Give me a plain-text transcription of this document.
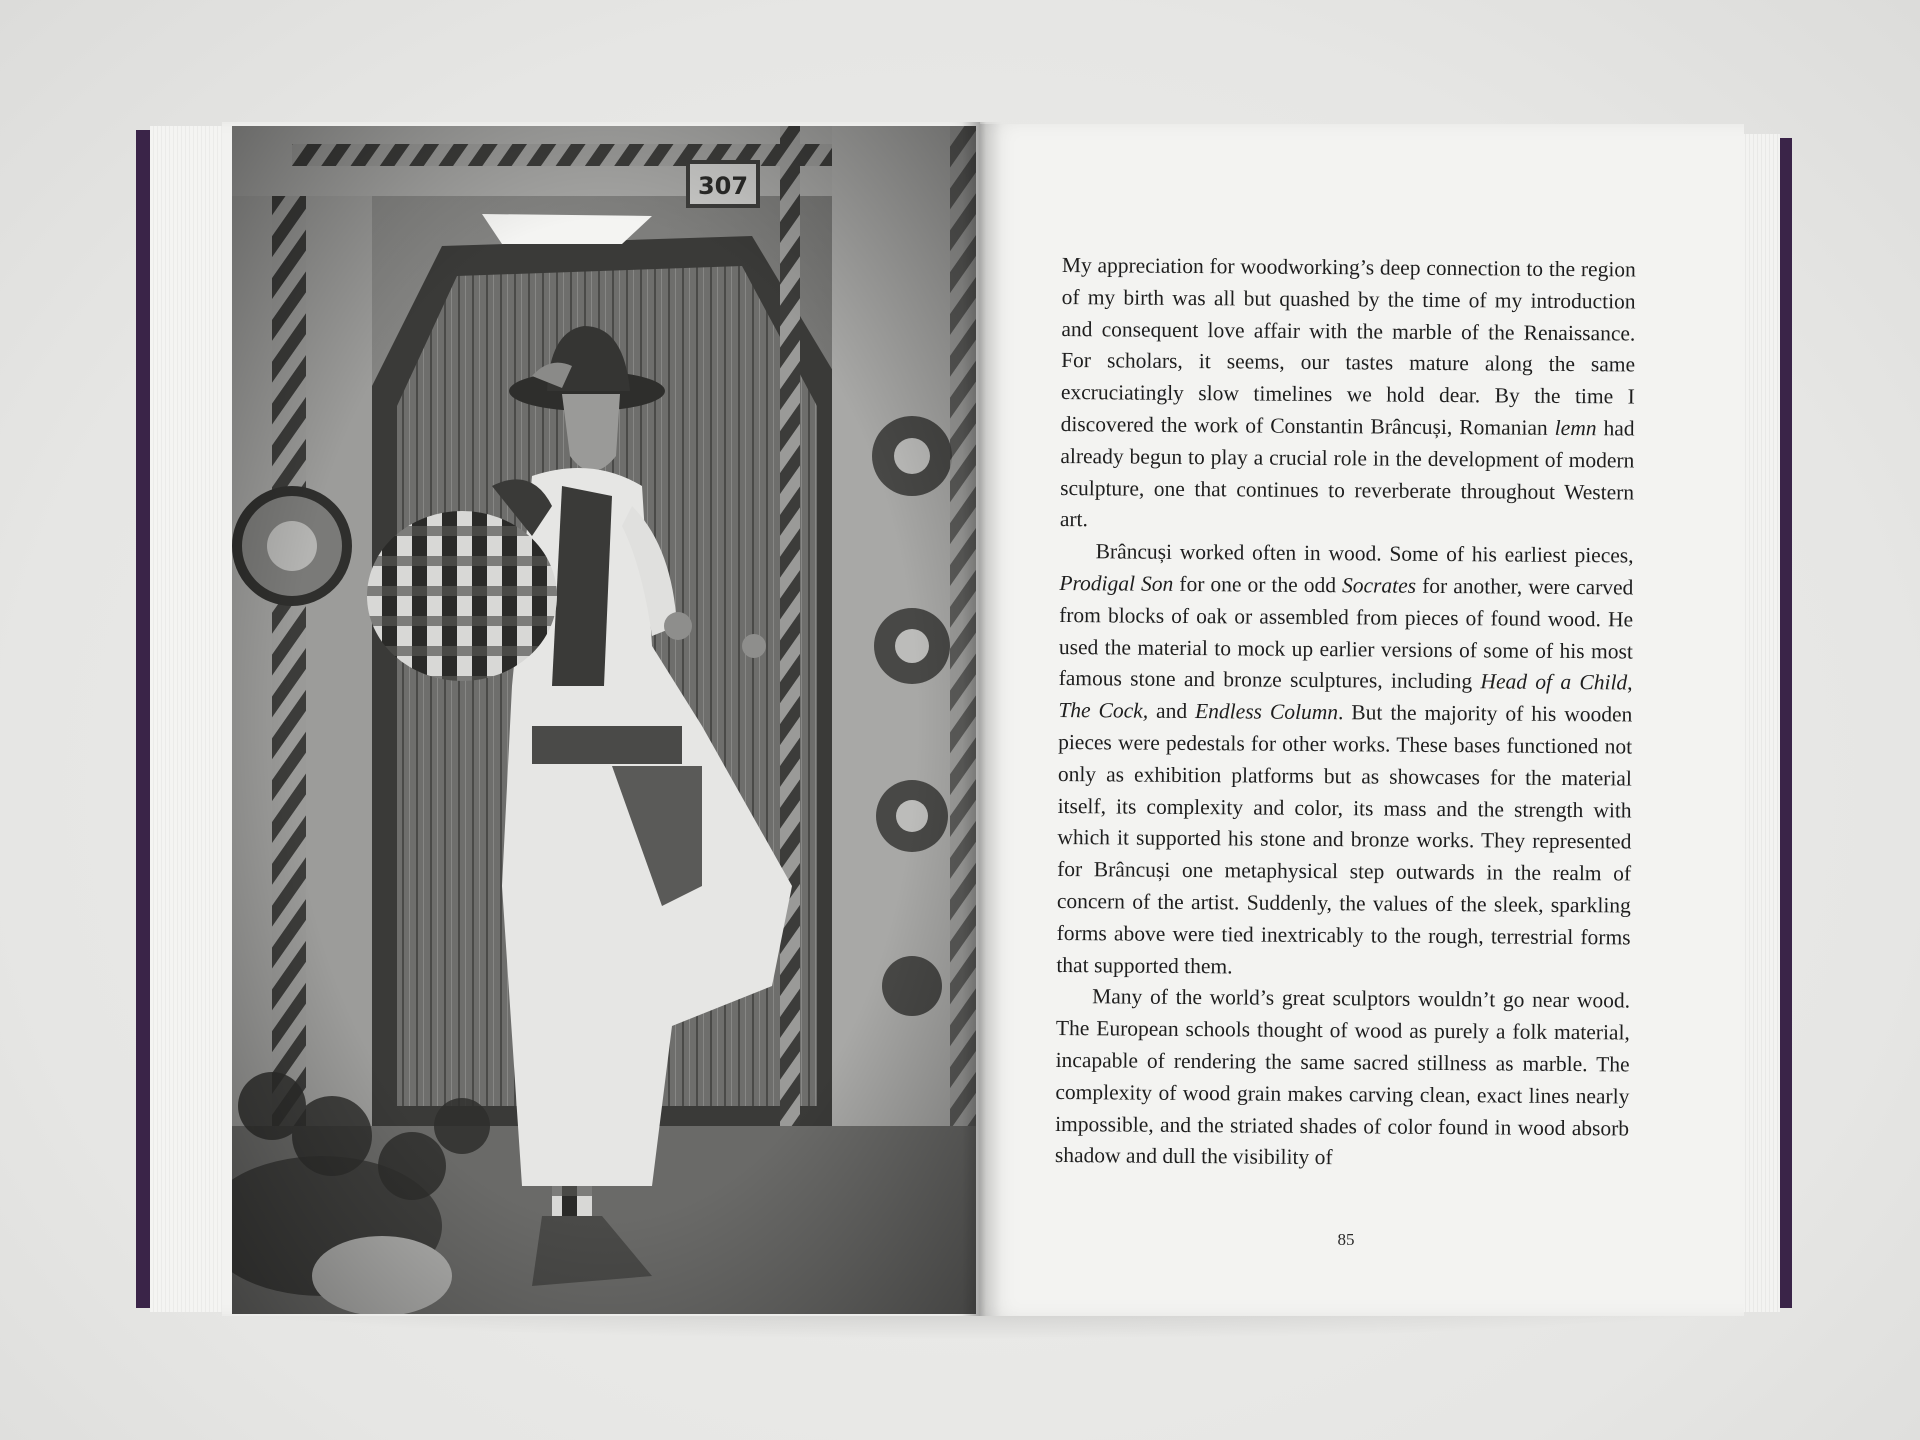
My appreciation for woodworking’s deep connection to the region of my birth was all but quashed by the time of my introduction and consequent love affair with the marble of the Renaissance. For scholars, it seems, our tastes mature along the same excruciatingly slow timelines we hold dear. By the time I discovered the work of Constantin Brâncuși, Romanian lemn had already begun to play a crucial role in the development of modern sculpture, one that continues to reverberate throughout Western art.

Brâncuși worked often in wood. Some of his earliest pieces, Prodigal Son for one or the odd Socrates for another, were carved from blocks of oak or assembled from pieces of found wood. He used the material to mock up earlier versions of some of his most famous stone and bronze sculptures, including Head of a Child, The Cock, and Endless Column. But the majority of his wooden pieces were pedestals for other works. These bases functioned not only as exhibition platforms but as showcases for the material itself, its complexity and color, its mass and the strength with which it supported his stone and bronze works. They represented for Brâncuși one metaphysical step outwards in the realm of concern of the artist. Suddenly, the values of the sleek, sparkling forms above were tied inextricably to the rough, terrestrial forms that supported them.

Many of the world’s great sculptors wouldn’t go near wood. The European schools thought of wood as purely a folk material, incapable of rendering the same sacred stillness as marble. The complexity of wood grain makes carving clean, exact lines nearly impossible, and the striated shades of color found in wood absorb shadow and dull the visibility of

85
